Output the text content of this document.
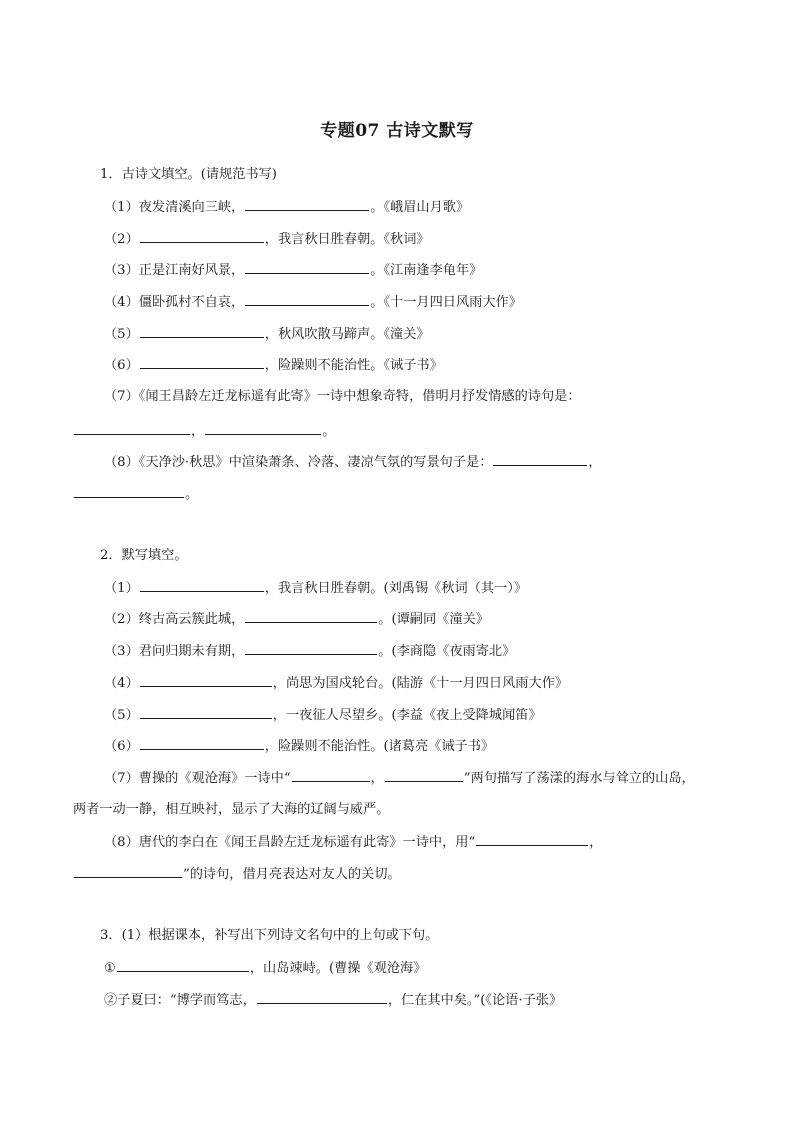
专题07 古诗文默写
1．古诗文填空。(请规范书写)
（1）夜发清溪向三峡，	。《峨眉山月歌》
（2）	，我言秋日胜春朝。《秋词》
（3）正是江南好风景，	。《江南逢李龟年》
（4）僵卧孤村不自哀，	。《十一月四日风雨大作》
（5）	，秋风吹散马蹄声。《潼关》
（6）	，险躁则不能治性。《诫子书》
（7）《闻王昌龄左迁龙标遥有此寄》一诗中想象奇特，借明月抒发情感的诗句是：
，	。
（8）《天净沙·秋思》中渲染萧条、冷落、凄凉气氛的写景句子是：	，
。
2．默写填空。
（1）	，我言秋日胜春朝。(刘禹锡《秋词（其一）》
（2）终古高云簇此城，	。(谭嗣同《潼关》
（3）君问归期未有期，	。(李商隐《夜雨寄北》
（4）	，尚思为国戍轮台。(陆游《十一月四日风雨大作》
（5）	，一夜征人尽望乡。(李益《夜上受降城闻笛》
（6）	，险躁则不能治性。(诸葛亮《诫子书》
（7）曹操的《观沧海》一诗中“	，	”两句描写了荡漾的海水与耸立的山岛，
两者一动一静，相互映衬，显示了大海的辽阔与威严。
（8）唐代的李白在《闻王昌龄左迁龙标遥有此寄》一诗中，用“	，
”的诗句，借月亮表达对友人的关切。
3．(1）根据课本，补写出下列诗文名句中的上句或下句。
①	，山岛竦峙。(曹操《观沧海》
②子夏曰：“博学而笃志，	，仁在其中矣。”(《论语·子张》
